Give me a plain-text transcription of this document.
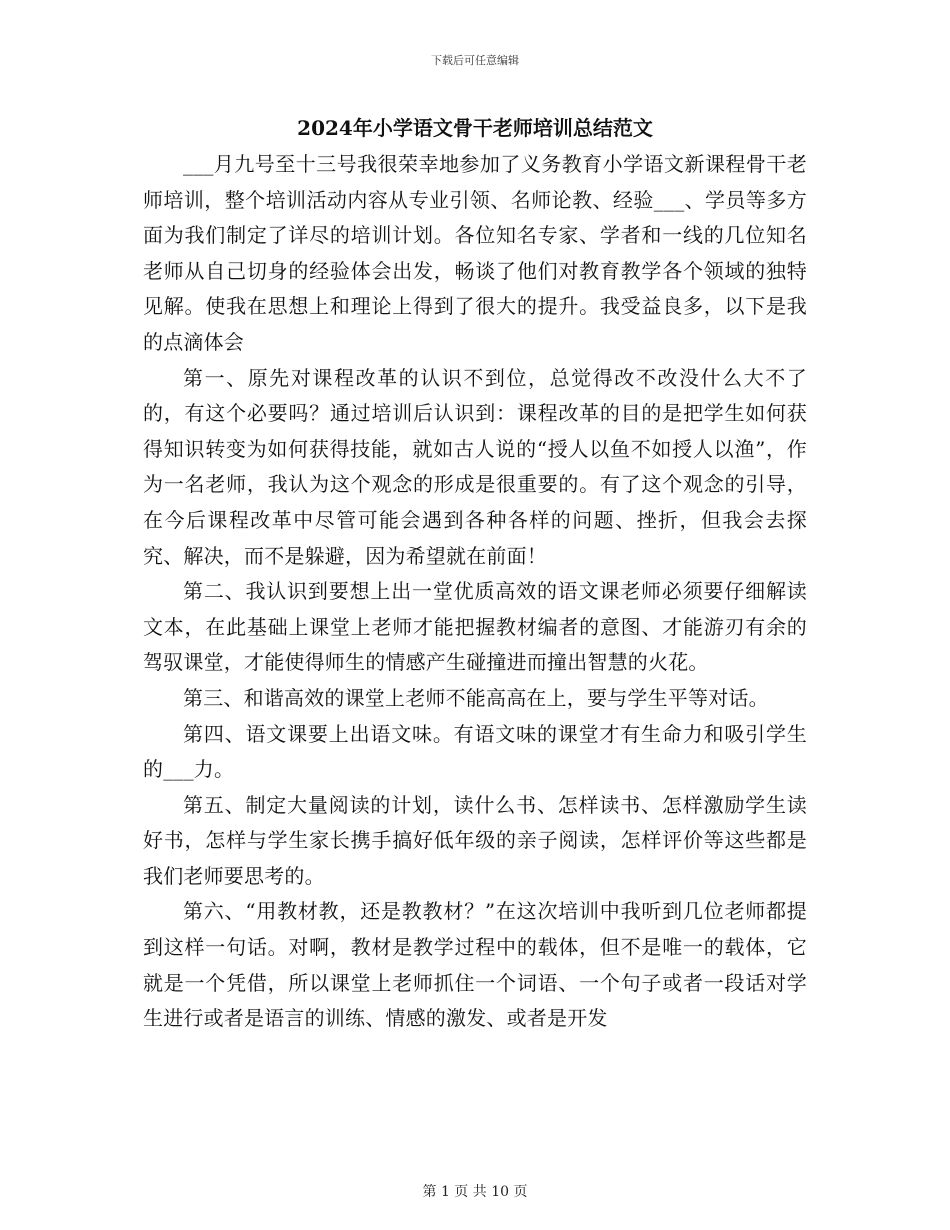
下载后可任意编辑
2024年小学语文骨干老师培训总结范文

___月九号至十三号我很荣幸地参加了义务教育小学语文新课程骨干老师培训，整个培训活动内容从专业引领、名师论教、经验___、学员等多方面为我们制定了详尽的培训计划。各位知名专家、学者和一线的几位知名老师从自己切身的经验体会出发，畅谈了他们对教育教学各个领域的独特见解。使我在思想上和理论上得到了很大的提升。我受益良多，以下是我的点滴体会

第一、原先对课程改革的认识不到位，总觉得改不改没什么大不了的，有这个必要吗？通过培训后认识到：课程改革的目的是把学生如何获得知识转变为如何获得技能，就如古人说的“授人以鱼不如授人以渔”，作为一名老师，我认为这个观念的形成是很重要的。有了这个观念的引导，在今后课程改革中尽管可能会遇到各种各样的问题、挫折，但我会去探究、解决，而不是躲避，因为希望就在前面！

第二、我认识到要想上出一堂优质高效的语文课老师必须要仔细解读文本，在此基础上课堂上老师才能把握教材编者的意图、才能游刃有余的驾驭课堂，才能使得师生的情感产生碰撞进而撞出智慧的火花。

第三、和谐高效的课堂上老师不能高高在上，要与学生平等对话。

第四、语文课要上出语文味。有语文味的课堂才有生命力和吸引学生的___力。

第五、制定大量阅读的计划，读什么书、怎样读书、怎样激励学生读好书，怎样与学生家长携手搞好低年级的亲子阅读，怎样评价等这些都是我们老师要思考的。

第六、“用教材教，还是教教材？”在这次培训中我听到几位老师都提到这样一句话。对啊，教材是教学过程中的载体，但不是唯一的载体，它就是一个凭借，所以课堂上老师抓住一个词语、一个句子或者一段话对学生进行或者是语言的训练、情感的激发、或者是开发

第 1 页 共 10 页
